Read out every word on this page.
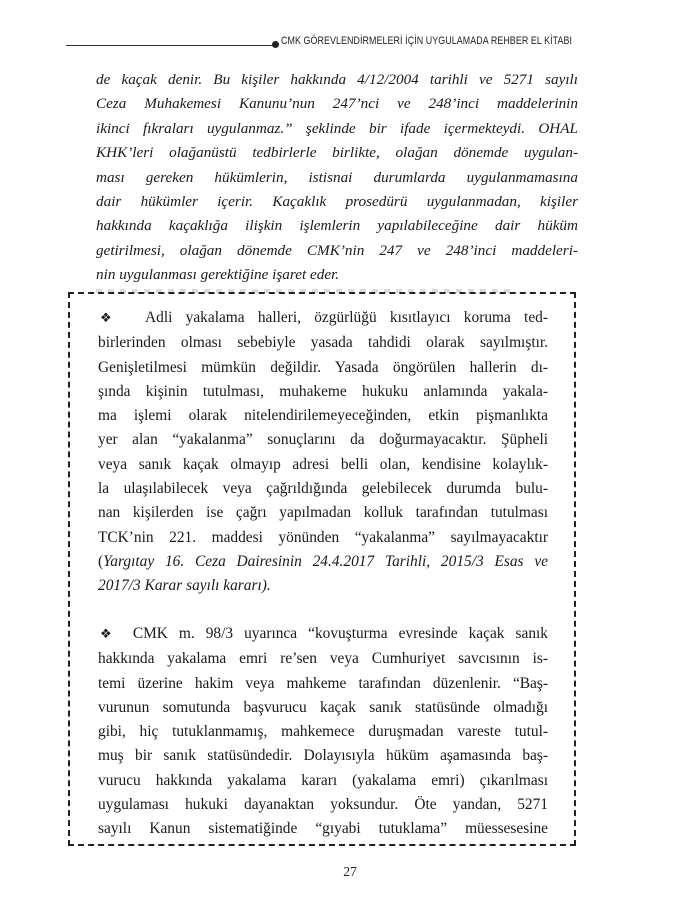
CMK GÖREVLENDİRMELERİ İÇİN UYGULAMADA REHBER EL KİTABI
de kaçak denir. Bu kişiler hakkında 4/12/2004 tarihli ve 5271 sayılı
Ceza Muhakemesi Kanunu’nun 247’nci ve 248’inci maddelerinin
ikinci fıkraları uygulanmaz.” şeklinde bir ifade içermekteydi. OHAL
KHK’leri olağanüstü tedbirlerle birlikte, olağan dönemde uygulan-
ması gereken hükümlerin, istisnai durumlarda uygulanmamasına
dair hükümler içerir. Kaçaklık prosedürü uygulanmadan, kişiler
hakkında kaçaklığa ilişkin işlemlerin yapılabileceğine dair hüküm
getirilmesi, olağan dönemde CMK’nin 247 ve 248’inci maddeleri-
nin uygulanması gerektiğine işaret eder.
❖ Adli yakalama halleri, özgürlüğü kısıtlayıcı koruma ted-
birlerinden olması sebebiyle yasada tahdidi olarak sayılmıştır.
Genişletilmesi mümkün değildir. Yasada öngörülen hallerin dı-
şında kişinin tutulması, muhakeme hukuku anlamında yakala-
ma işlemi olarak nitelendirilemeyeceğinden, etkin pişmanlıkta
yer alan “yakalanma” sonuçlarını da doğurmayacaktır. Şüpheli
veya sanık kaçak olmayıp adresi belli olan, kendisine kolaylık-
la ulaşılabilecek veya çağrıldığında gelebilecek durumda bulu-
nan kişilerden ise çağrı yapılmadan kolluk tarafından tutulması
TCK’nin 221. maddesi yönünden “yakalanma” sayılmayacaktır
(Yargıtay 16. Ceza Dairesinin 24.4.2017 Tarihli, 2015/3 Esas ve
2017/3 Karar sayılı kararı).
❖ CMK m. 98/3 uyarınca “kovuşturma evresinde kaçak sanık
hakkında yakalama emri re’sen veya Cumhuriyet savcısının is-
temi üzerine hakim veya mahkeme tarafından düzenlenir. “Baş-
vurunun somutunda başvurucu kaçak sanık statüsünde olmadığı
gibi, hiç tutuklanmamış, mahkemece duruşmadan vareste tutul-
muş bir sanık statüsündedir. Dolayısıyla hüküm aşamasında baş-
vurucu hakkında yakalama kararı (yakalama emri) çıkarılması
uygulaması hukuki dayanaktan yoksundur. Öte yandan, 5271
sayılı Kanun sistematiğinde “gıyabi tutuklama” müessesesine
27
